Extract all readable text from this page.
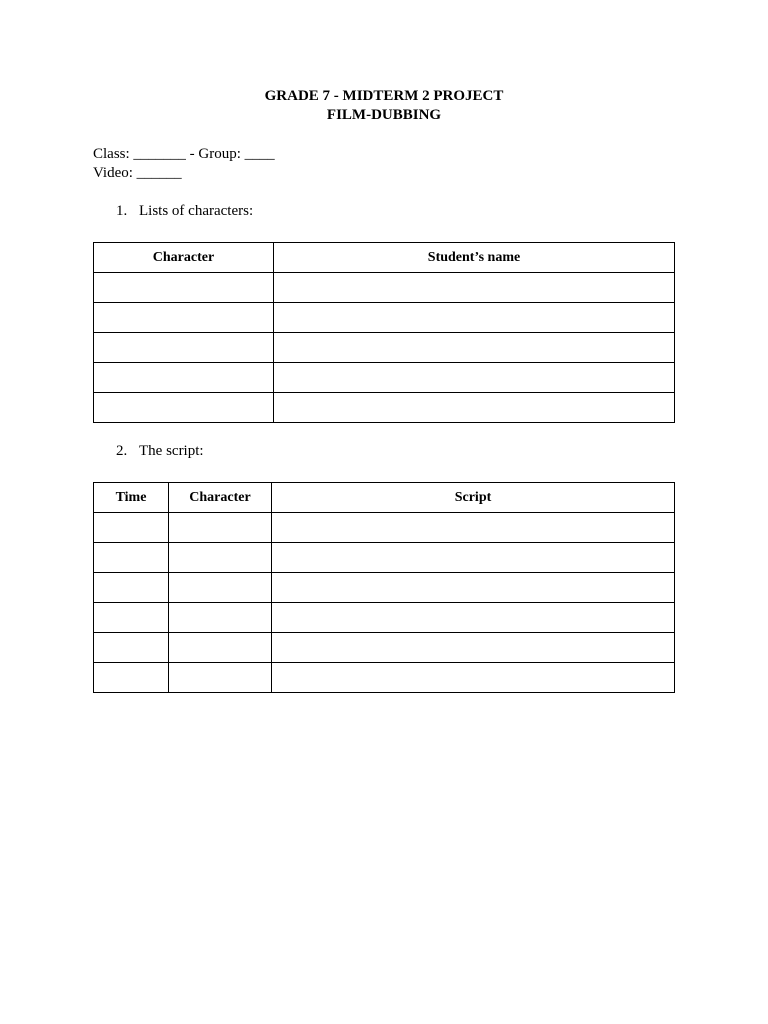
GRADE 7 - MIDTERM 2 PROJECT
FILM-DUBBING
Class: _______ - Group: ____
Video: ______
1. Lists of characters:
Character	Student’s name

2. The script:
Time	Character	Script
